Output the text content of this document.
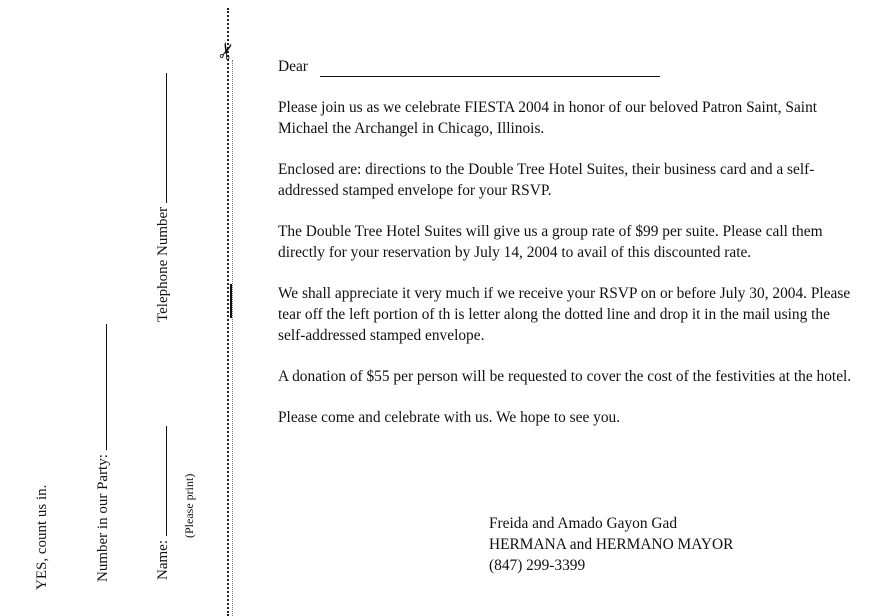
YES, count us in.	Number in our Party:	Name:
Telephone Number
(Please print)
✂

Dear

Please join us as we celebrate FIESTA 2004 in honor of our beloved Patron Saint, Saint Michael the Archangel in Chicago, Illinois.

Enclosed are: directions to the Double Tree Hotel Suites, their business card and a self-addressed stamped envelope for your RSVP.

The Double Tree Hotel Suites will give us a group rate of $99 per suite. Please call them directly for your reservation by July 14, 2004 to avail of this discounted rate.

We shall appreciate it very much if we receive your RSVP on or before July 30, 2004. Please tear off the left portion of th is letter along the dotted line and drop it in the mail using the self-addressed stamped envelope.

A donation of $55 per person will be requested to cover the cost of the festivities at the hotel.

Please come and celebrate with us. We hope to see you.

Freida and Amado Gayon Gad
HERMANA and HERMANO MAYOR
(847) 299-3399
